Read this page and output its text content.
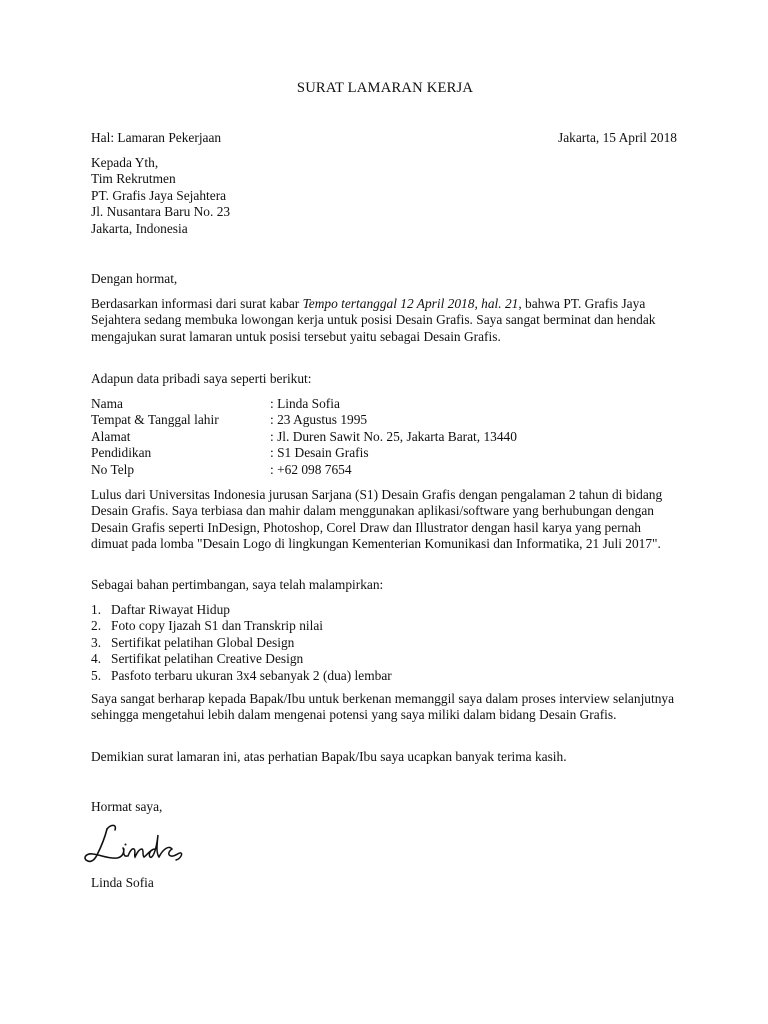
SURAT LAMARAN KERJA
Hal: Lamaran Pekerjaan	Jakarta, 15 April 2018
Kepada Yth,
Tim Rekrutmen
PT. Grafis Jaya Sejahtera
Jl. Nusantara Baru No. 23
Jakarta, Indonesia
Dengan hormat,

Berdasarkan informasi dari surat kabar Tempo tertanggal 12 April 2018, hal. 21, bahwa PT. Grafis Jaya Sejahtera sedang membuka lowongan kerja untuk posisi Desain Grafis. Saya sangat berminat dan hendak mengajukan surat lamaran untuk posisi tersebut yaitu sebagai Desain Grafis.

Adapun data pribadi saya seperti berikut:
Nama	: Linda Sofia
Tempat & Tanggal lahir	: 23 Agustus 1995
Alamat	: Jl. Duren Sawit No. 25, Jakarta Barat, 13440
Pendidikan	: S1 Desain Grafis
No Telp	: +62 098 7654

Lulus dari Universitas Indonesia jurusan Sarjana (S1) Desain Grafis dengan pengalaman 2 tahun di bidang Desain Grafis. Saya terbiasa dan mahir dalam menggunakan aplikasi/software yang berhubungan dengan Desain Grafis seperti InDesign, Photoshop, Corel Draw dan Illustrator dengan hasil karya yang pernah dimuat pada lomba "Desain Logo di lingkungan Kementerian Komunikasi dan Informatika, 21 Juli 2017".

Sebagai bahan pertimbangan, saya telah malampirkan:
1. Daftar Riwayat Hidup
2. Foto copy Ijazah S1 dan Transkrip nilai
3. Sertifikat pelatihan Global Design
4. Sertifikat pelatihan Creative Design
5. Pasfoto terbaru ukuran 3x4 sebanyak 2 (dua) lembar

Saya sangat berharap kepada Bapak/Ibu untuk berkenan memanggil saya dalam proses interview selanjutnya sehingga mengetahui lebih dalam mengenai potensi yang saya miliki dalam bidang Desain Grafis.

Demikian surat lamaran ini, atas perhatian Bapak/Ibu saya ucapkan banyak terima kasih.

Hormat saya,
Linda Sofia
